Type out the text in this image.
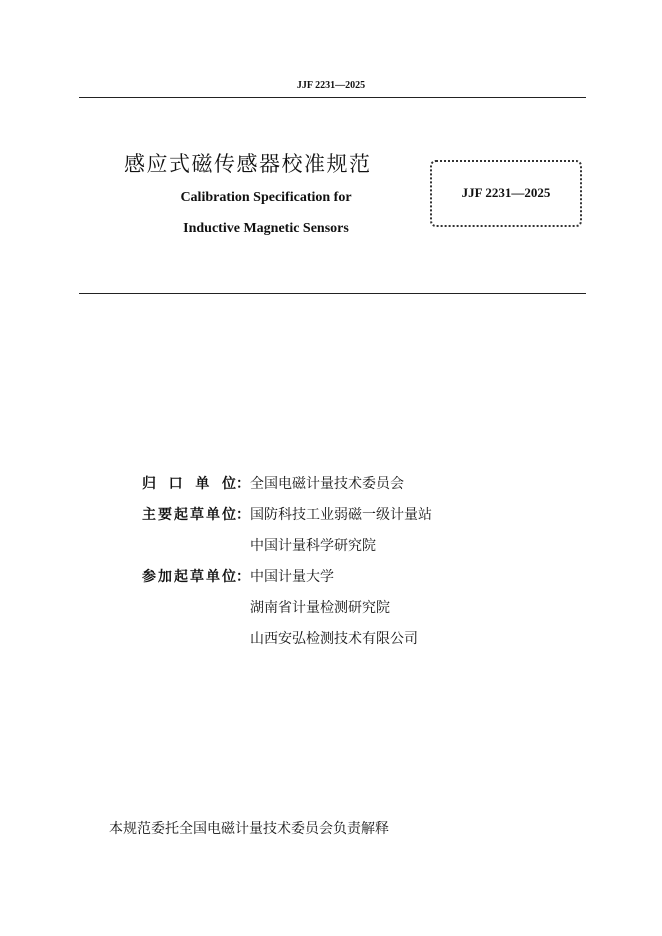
JJF 2231—2025
感应式磁传感器校准规范
Calibration Specification for
Inductive Magnetic Sensors
JJF 2231—2025
归 口 单 位 ： 全国电磁计量技术委员会
主 要 起 草 单 位 ： 国防科技工业弱磁一级计量站
中国计量科学研究院
参 加 起 草 单 位 ： 中国计量大学
湖南省计量检测研究院
山西安弘检测技术有限公司
本规范委托全国电磁计量技术委员会负责解释
